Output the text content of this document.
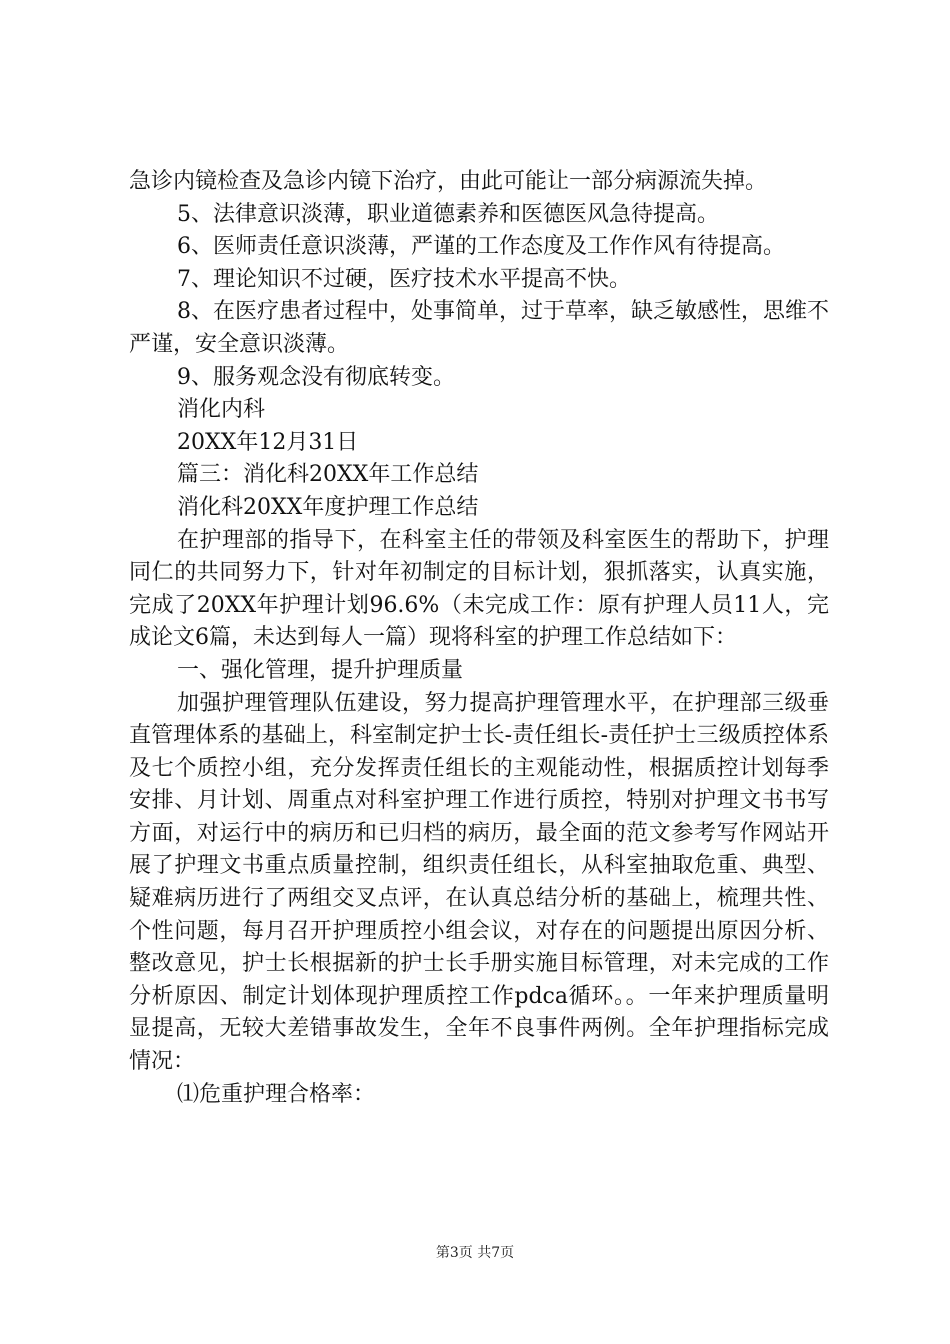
急诊内镜检查及急诊内镜下治疗，由此可能让一部分病源流失掉。

5、法律意识淡薄，职业道德素养和医德医风急待提高。

6、医师责任意识淡薄，严谨的工作态度及工作作风有待提高。

7、理论知识不过硬，医疗技术水平提高不快。

8、在医疗患者过程中，处事简单，过于草率，缺乏敏感性，思维不严谨，安全意识淡薄。

9、服务观念没有彻底转变。

消化内科

20XX年12月31日

篇三：消化科20XX年工作总结

消化科20XX年度护理工作总结

在护理部的指导下，在科室主任的带领及科室医生的帮助下，护理同仁的共同努力下，针对年初制定的目标计划，狠抓落实，认真实施，完成了20XX年护理计划96.6%（未完成工作：原有护理人员11人，完成论文6篇，未达到每人一篇）现将科室的护理工作总结如下：

一、强化管理，提升护理质量

加强护理管理队伍建设，努力提高护理管理水平，在护理部三级垂直管理体系的基础上，科室制定护士长-责任组长-责任护士三级质控体系及七个质控小组，充分发挥责任组长的主观能动性，根据质控计划每季安排、月计划、周重点对科室护理工作进行质控，特别对护理文书书写方面，对运行中的病历和已归档的病历，最全面的范文参考写作网站开展了护理文书重点质量控制，组织责任组长，从科室抽取危重、典型、疑难病历进行了两组交叉点评，在认真总结分析的基础上，梳理共性、个性问题，每月召开护理质控小组会议，对存在的问题提出原因分析、整改意见，护士长根据新的护士长手册实施目标管理，对未完成的工作分析原因、制定计划体现护理质控工作pdca循环。。一年来护理质量明显提高，无较大差错事故发生，全年不良事件两例。全年护理指标完成情况：

⑴危重护理合格率：

第3页 共7页
